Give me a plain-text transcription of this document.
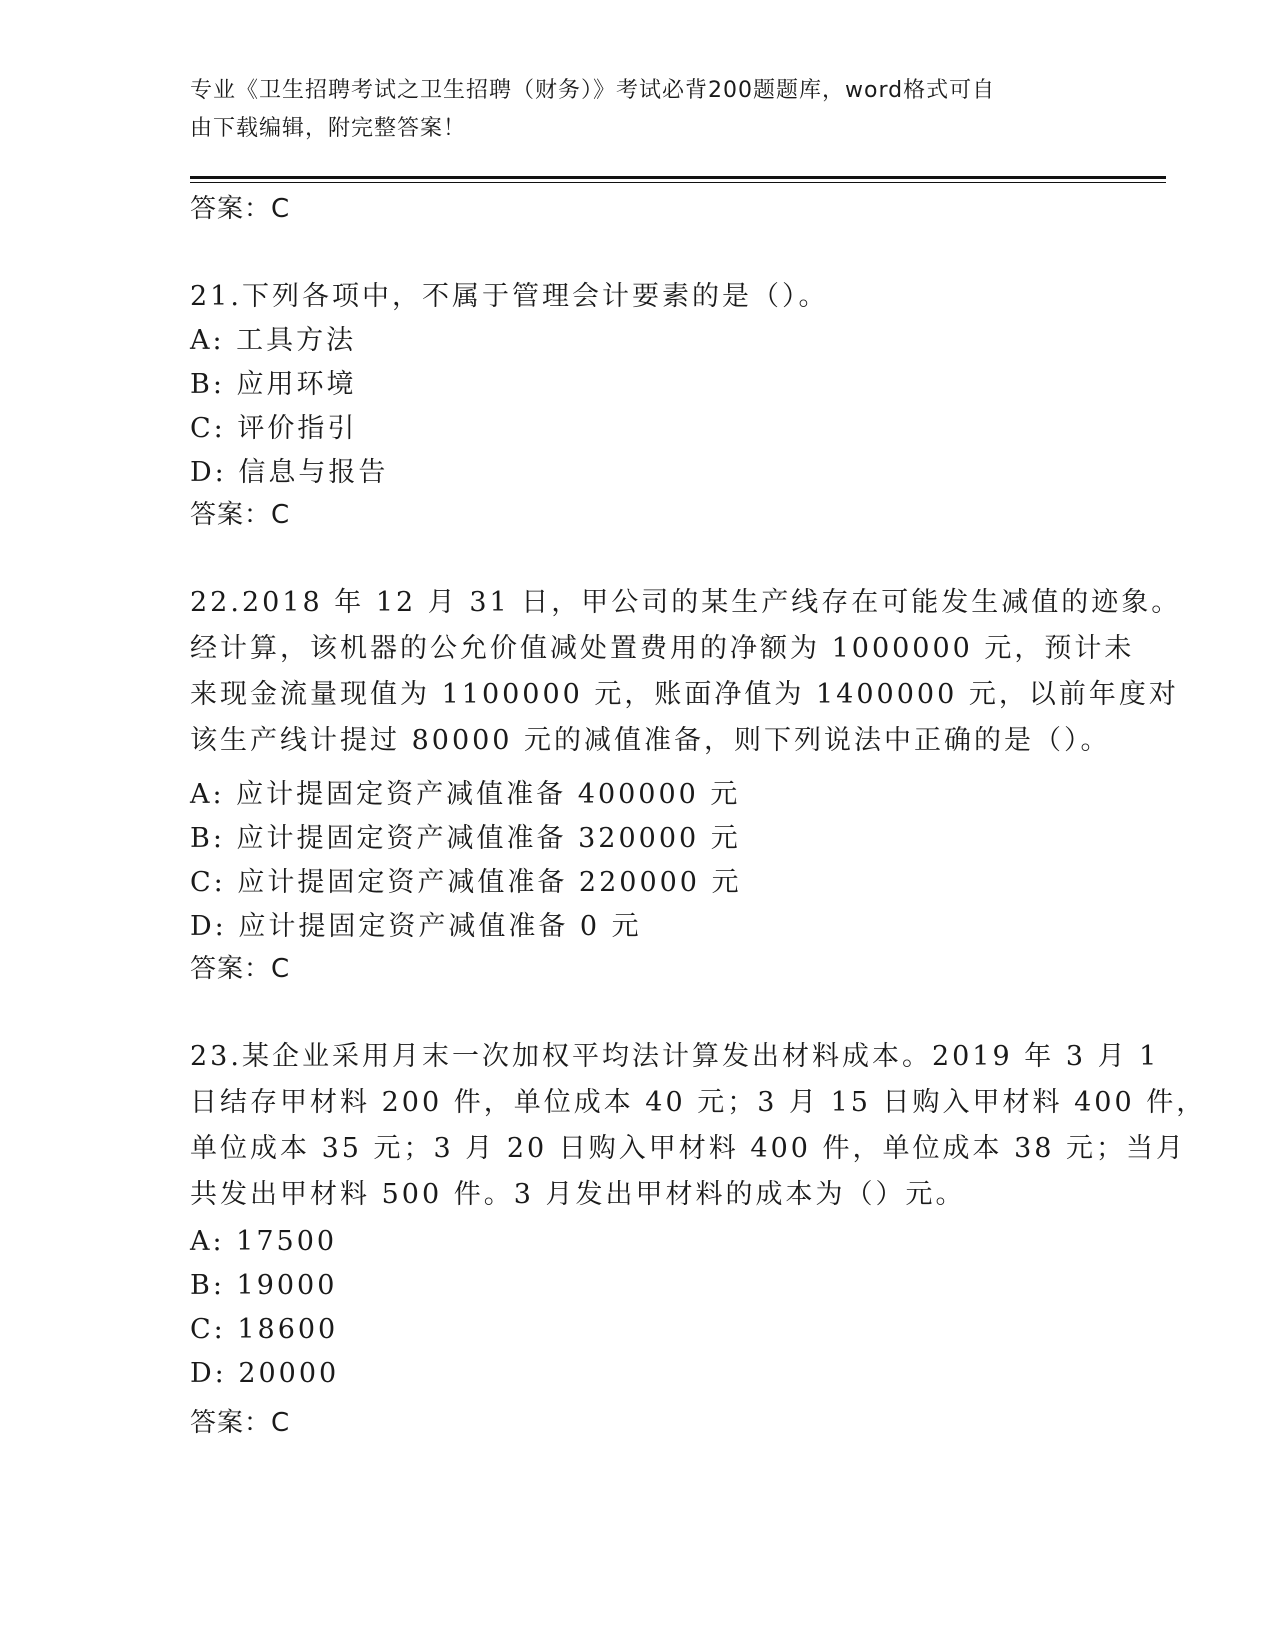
专业《卫生招聘考试之卫生招聘（财务）》考试必背200题题库，word格式可自
由下载编辑，附完整答案！
答案：C
21.下列各项中，不属于管理会计要素的是（）。
A: 工具方法
B: 应用环境
C: 评价指引
D: 信息与报告
答案：C
22.2018 年 12 月 31 日，甲公司的某生产线存在可能发生减值的迹象。
经计算，该机器的公允价值减处置费用的净额为 1000000 元，预计未
来现金流量现值为 1100000 元，账面净值为 1400000 元，以前年度对
该生产线计提过 80000 元的减值准备，则下列说法中正确的是（）。
A: 应计提固定资产减值准备 400000 元
B: 应计提固定资产减值准备 320000 元
C: 应计提固定资产减值准备 220000 元
D: 应计提固定资产减值准备 0 元
答案：C
23.某企业采用月末一次加权平均法计算发出材料成本。2019 年 3 月 1
日结存甲材料 200 件，单位成本 40 元；3 月 15 日购入甲材料 400 件，
单位成本 35 元；3 月 20 日购入甲材料 400 件，单位成本 38 元；当月
共发出甲材料 500 件。3 月发出甲材料的成本为（）元。
A: 17500
B: 19000
C: 18600
D: 20000
答案：C
